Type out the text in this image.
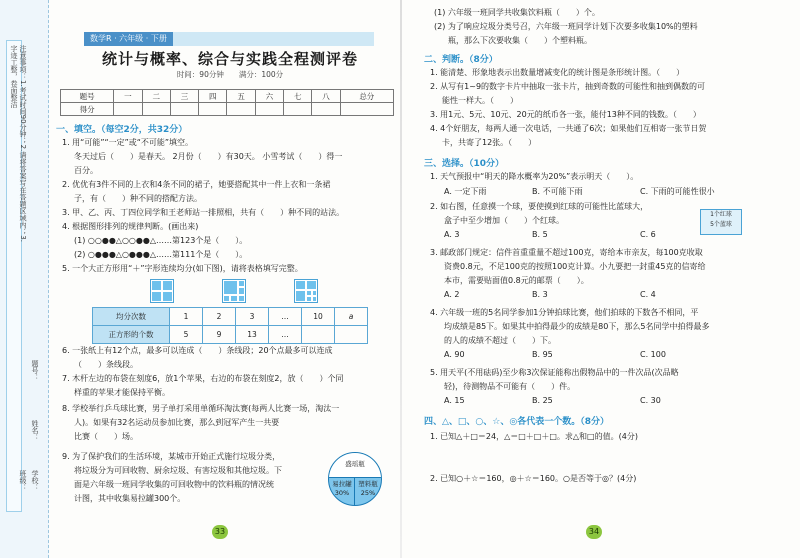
注意事项：1.考试时间90分钟；2.请将答案写在答题区域内；3.字迹工整，卷面整洁
题号：
姓名：
学校：
班级：
数学R · 六年级 · 下册
统计与概率、综合与实践全程测评卷
时间：90分钟　　满分：100分
题号	一	二	三	四	五	六	七	八	总分
得分									
一、填空。（每空2分，共32分）
1. 用“可能”“一定”或“不可能”填空。
冬天过后（　　）是春天。 2月份（　　）有30天。 小雪考试（　　）得一
百分。
2. 优优有3件不同的上衣和4条不同的裙子，她要搭配其中一件上衣和一条裙
子，有（　　）种不同的搭配方法。
3. 甲、乙、丙、丁四位同学和王老师站一排照相，共有（　　）种不同的站法。
4. 根据图形排列的规律判断。(画出来)
(1) ○○●●△○○●●△……第123个是（　　）。
(2) ○●●●△○●●●△……第111个是（　　）。
5. 一个大正方形用“＋”字形连续均分(如下图)，请将表格填写完整。
均分次数	1	2	3	…	10	a
正方形的个数	5	9	13	…		
6. 一张纸上有12个点，最多可以连成（　　）条线段；20个点最多可以连成
（　　）条线段。
7. 木杆左边的布袋在刻度6，放1个苹果，右边的布袋在刻度2，放（　　）个同
样重的苹果才能保持平衡。
8. 学校举行乒乓球比赛，男子单打采用单循环淘汰赛(每两人比赛一场，淘汰一
人)。如果有32名运动员参加比赛，那么到冠军产生一共要
比赛（　　）场。
9. 为了保护我们的生活环境，某城市开始正式施行垃圾分类，
将垃圾分为可回收物、厨余垃圾、有害垃圾和其他垃圾。下
面是六年级一班同学收集的可回收物中的饮料瓶的情况统
计图，其中收集易拉罐300个。
盛瑶瓶
易拉罐
30%
塑料瓶
25%
33
(1) 六年级一班同学共收集饮料瓶（　　）个。
(2) 为了响应垃圾分类号召，六年级一班同学计划下次要多收集10%的塑料
瓶，那么下次要收集（　　）个塑料瓶。
二、判断。（8分）
1. 能清楚、形象地表示出数量增减变化的统计图是条形统计图。（　　）
2. 从写有1~9的数字卡片中抽取一张卡片，抽到奇数的可能性和抽到偶数的可
能性一样大。（　　）
3. 用1元、5元、10元、20元的纸币各一张，能付13种不同的钱数。（　　）
4. 4个好朋友，每两人通一次电话，一共通了6次；如果他们互相寄一张节日贺
卡，共寄了12张。（　　）
三、选择。（10分）
1. 天气预报中“明天的降水概率为20%”表示明天（　　）。
A. 一定下雨	B. 不可能下雨	C. 下雨的可能性很小
2. 如右图，任意摸一个球，要使摸到红球的可能性比蓝球大，
盒子中至少增加（　　）个红球。
1个红球
5个蓝球
A. 3	B. 5	C. 6
3. 邮政部门规定：信件首重重量不超过100克，寄给本市亲友，每100克收取
资费0.8元，不足100克的按照100克计算。小九要把一封重45克的信寄给
本市，需要贴面值0.8元的邮票（　　）。
A. 2	B. 3	C. 4
4. 六年级一班的5名同学参加1分钟拍球比赛，他们拍球的下数各不相同，平
均成绩是85下。如果其中拍得最少的成绩是80下，那么5名同学中拍得最多
的人的成绩不超过（　　）下。
A. 90	B. 95	C. 100
5. 用天平(不用砝码)至少称3次保证能称出假物品中的一件次品(次品略
轻)，待测物品不可能有（　　）件。
A. 15	B. 25	C. 30
四、△、□、○、☆、◎各代表一个数。（8分）
1. 已知△＋□＝24，△＝□＋□＋□。求△和□的值。(4分)
2. 已知○＋☆＝160，◎＋☆＝160。○是否等于◎？(4分)
34
